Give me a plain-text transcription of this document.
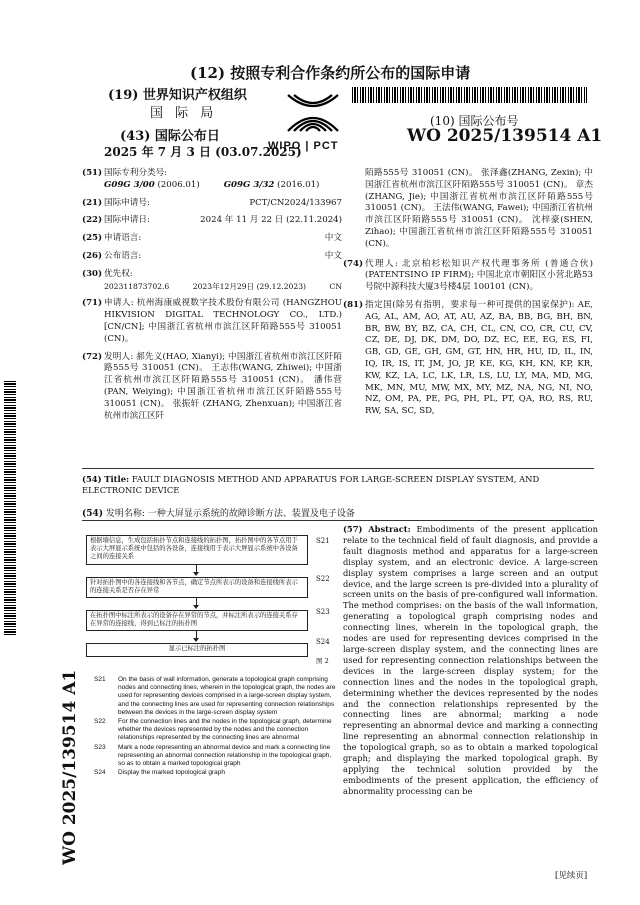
(12) 按照专利合作条约所公布的国际申请
(19) 世界知识产权组织
国 际 局
(43) 国际公布日
2025 年 7 月 3 日 (03.07.2025)
WIPO | PCT
(10) 国际公布号
WO 2025/139514 A1
WO 2025/139514 A1
(51) 国际专利分类号:
G09G 3/00
(2006.01)	G09G 3/32
(2016.01)
(21) 国际申请号:	PCT/CN2024/133967
(22) 国际申请日:	2024 年 11 月 22 日 (22.11.2024)
(25) 申请语言:	中文
(26) 公布语言:	中文
(30) 优先权:
202311873702.6	2023年12月29日 (29.12.2023)	CN
(71) 申请人: 杭州海康威视数字技术股份有限公司 (HANGZHOU HIKVISION DIGITAL TECHNOLOGY CO., LTD.) [CN/CN]; 中国浙江省杭州市滨江区阡陌路555号 310051 (CN)。
(72) 发明人: 郝先义(HAO, Xianyi); 中国浙江省杭州市滨江区阡陌路555号 310051 (CN)。 王志伟(WANG, Zhiwei); 中国浙江省杭州市滨江区阡陌路555号 310051 (CN)。 潘伟营(PAN, Weiying); 中国浙江省杭州市滨江区阡陌路555号 310051 (CN)。 张振轩 (ZHANG, Zhenxuan); 中国浙江省杭州市滨江区阡
陌路555号 310051 (CN)。 张泽鑫(ZHANG, Zexin); 中国浙江省杭州市滨江区阡陌路555号 310051 (CN)。 章杰(ZHANG, Jie); 中国浙江省杭州市滨江区阡陌路555号 310051 (CN)。 王法伟(WANG, Fawei); 中国浙江省杭州市滨江区阡陌路555号 310051 (CN)。 沈梓豪(SHEN, Zihao); 中国浙江省杭州市滨江区阡陌路555号 310051 (CN)。
(74) 代理人: 北京柏杉松知识产权代理事务所 (普通合伙) (PATENTSINO IP FIRM); 中国北京市朝阳区小营北路53号院中源科技大厦3号楼4层 100101 (CN)。
(81) 指定国(除另有指明，要求每一种可提供的国家保护): AE, AG, AL, AM, AO, AT, AU, AZ, BA, BB, BG, BH, BN, BR, BW, BY, BZ, CA, CH, CL, CN, CO, CR, CU, CV, CZ, DE, DJ, DK, DM, DO, DZ, EC, EE, EG, ES, FI, GB, GD, GE, GH, GM, GT, HN, HR, HU, ID, IL, IN, IQ, IR, IS, IT, JM, JO, JP, KE, KG, KH, KN, KP, KR, KW, KZ, LA, LC, LK, LR, LS, LU, LY, MA, MD, MG, MK, MN, MU, MW, MX, MY, MZ, NA, NG, NI, NO, NZ, OM, PA, PE, PG, PH, PL, PT, QA, RO, RS, RU, RW, SA, SC, SD,
(54) Title: FAULT DIAGNOSIS METHOD AND APPARATUS FOR LARGE-SCREEN DISPLAY SYSTEM, AND ELECTRONIC DEVICE
(54) 发明名称: 一种大屏显示系统的故障诊断方法、装置及电子设备
根据墙信息，生成包括拓扑节点和连接线的拓扑图，拓扑图中的各节点用于表示大屏显示系统中包括的各设备，连接线用于表示大屏显示系统中各设备之间的连接关系
S21
针对拓扑图中的各连接线和各节点，确定节点所表示的设备和连接线所表示的连接关系是否存在异常
S22
在拓扑图中标注所表示的设备存在异常的节点，并标注所表示的连接关系存在异常的连接线，得到已标注的拓扑图
S23
显示已标注的拓扑图
S24
图 2
S21 On the basis of wall information, generate a topological graph comprising nodes and connecting lines, wherein in the topological graph, the nodes are used for representing devices comprised in a large-screen display system, and the connecting lines are used for representing connection relationships between the devices in the large-screen display system
S22 For the connection lines and the nodes in the topological graph, determine whether the devices represented by the nodes and the connection relationships represented by the connecting lines are abnormal
S23 Mark a node representing an abnormal device and mark a connecting line representing an abnormal connection relationship in the topological graph, so as to obtain a marked topological graph
S24 Display the marked topological graph
(57) Abstract: Embodiments of the present application relate to the technical field of fault diagnosis, and provide a fault diagnosis method and apparatus for a large-screen display system, and an electronic device. A large-screen display system comprises a large screen and an output device, and the large screen is pre-divided into a plurality of screen units on the basis of pre-configured wall information. The method comprises: on the basis of the wall information, generating a topological graph comprising nodes and connecting lines, wherein in the topological graph, the nodes are used for representing devices comprised in the large-screen display system, and the connecting lines are used for representing connection relationships between the devices in the large-screen display system; for the connection lines and the nodes in the topological graph, determining whether the devices represented by the nodes and the connection relationships represented by the connecting lines are abnormal; marking a node representing an abnormal device and marking a connecting line representing an abnormal connection relationship in the topological graph, so as to obtain a marked topological graph; and displaying the marked topological graph. By applying the technical solution provided by the embodiments of the present application, the efficiency of abnormality processing can be
[见续页]
